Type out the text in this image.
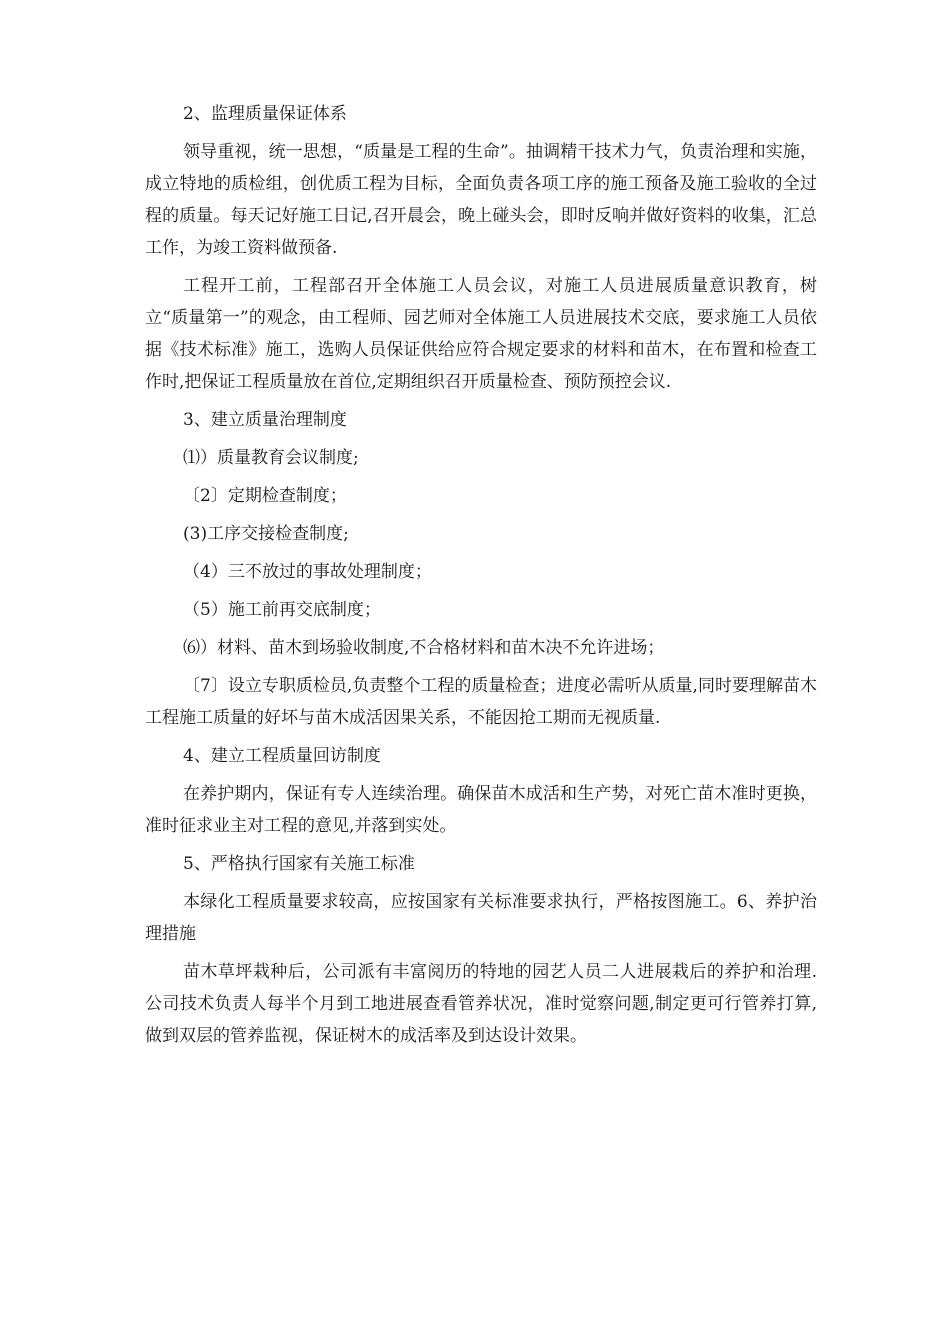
2、监理质量保证体系

领导重视，统一思想，“质量是工程的生命”。抽调精干技术力气，负责治理和实施，成立特地的质检组，创优质工程为目标，全面负责各项工序的施工预备及施工验收的全过程的质量。每天记好施工日记,召开晨会，晚上碰头会，即时反响并做好资料的收集，汇总工作，为竣工资料做预备.

工程开工前，工程部召开全体施工人员会议，对施工人员进展质量意识教育，树立“质量第一”的观念，由工程师、园艺师对全体施工人员进展技术交底，要求施工人员依据《技术标准》施工，选购人员保证供给应符合规定要求的材料和苗木，在布置和检查工作时,把保证工程质量放在首位,定期组织召开质量检查、预防预控会议.

3、建立质量治理制度

⑴）质量教育会议制度;

〔2〕定期检查制度；

(3)工序交接检查制度;

（4）三不放过的事故处理制度；

（5）施工前再交底制度；

⑹）材料、苗木到场验收制度,不合格材料和苗木决不允许进场；

〔7〕设立专职质检员,负责整个工程的质量检查；进度必需听从质量,同时要理解苗木工程施工质量的好坏与苗木成活因果关系，不能因抢工期而无视质量.

4、建立工程质量回访制度

在养护期内，保证有专人连续治理。确保苗木成活和生产势，对死亡苗木准时更换，准时征求业主对工程的意见,并落到实处。

5、严格执行国家有关施工标准

本绿化工程质量要求较高，应按国家有关标准要求执行，严格按图施工。6、养护治理措施

苗木草坪栽种后，公司派有丰富阅历的特地的园艺人员二人进展栽后的养护和治理.公司技术负责人每半个月到工地进展查看管养状况，准时觉察问题,制定更可行管养打算,做到双层的管养监视，保证树木的成活率及到达设计效果。
